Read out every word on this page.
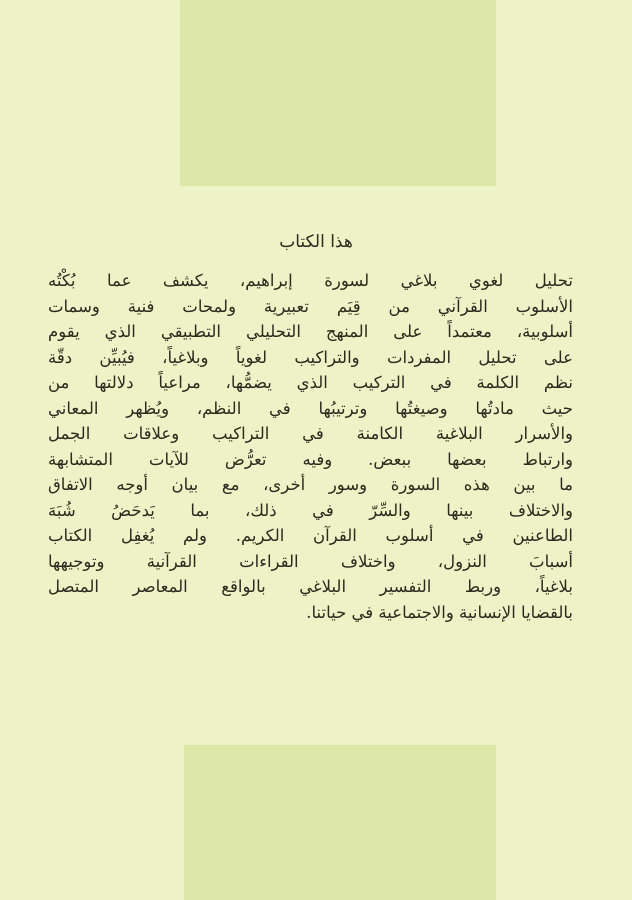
هذا الكتاب
تحليل لغوي بلاغي لسورة إبراهيم، يكشف عما بُكْتُه
الأسلوب القرآني من قِيَم تعبيرية ولمحات فنية وسمات
أسلوبية، معتمداً على المنهج التحليلي التطبيقي الذي يقوم
على تحليل المفردات والتراكيب لغوياً وبلاغياً، فيُبيِّن دقّة
نظم الكلمة في التركيب الذي يضمُّها، مراعياً دلالتها من
حيث مادتُها وصيغتُها وترتيبُها في النظم، ويُظهر المعاني
والأسرار البلاغية الكامنة في التراكيب وعلاقات الجمل
وارتباط بعضها ببعض. وفيه تعرُّض للآيات المتشابهة
ما بين هذه السورة وسور أخرى، مع بيان أوجه الاتفاق
والاختلاف بينها والسِّرّ في ذلك، بما يَدحَضُ شُبَهَ
الطاعنين في أسلوب القرآن الكريم. ولم يُغفِل الكتاب
أسبابَ النزول، واختلاف القراءات القرآنية وتوجيهها
بلاغياً، وربط التفسير البلاغي بالواقع المعاصر المتصل
بالقضايا الإنسانية والاجتماعية في حياتنا.
